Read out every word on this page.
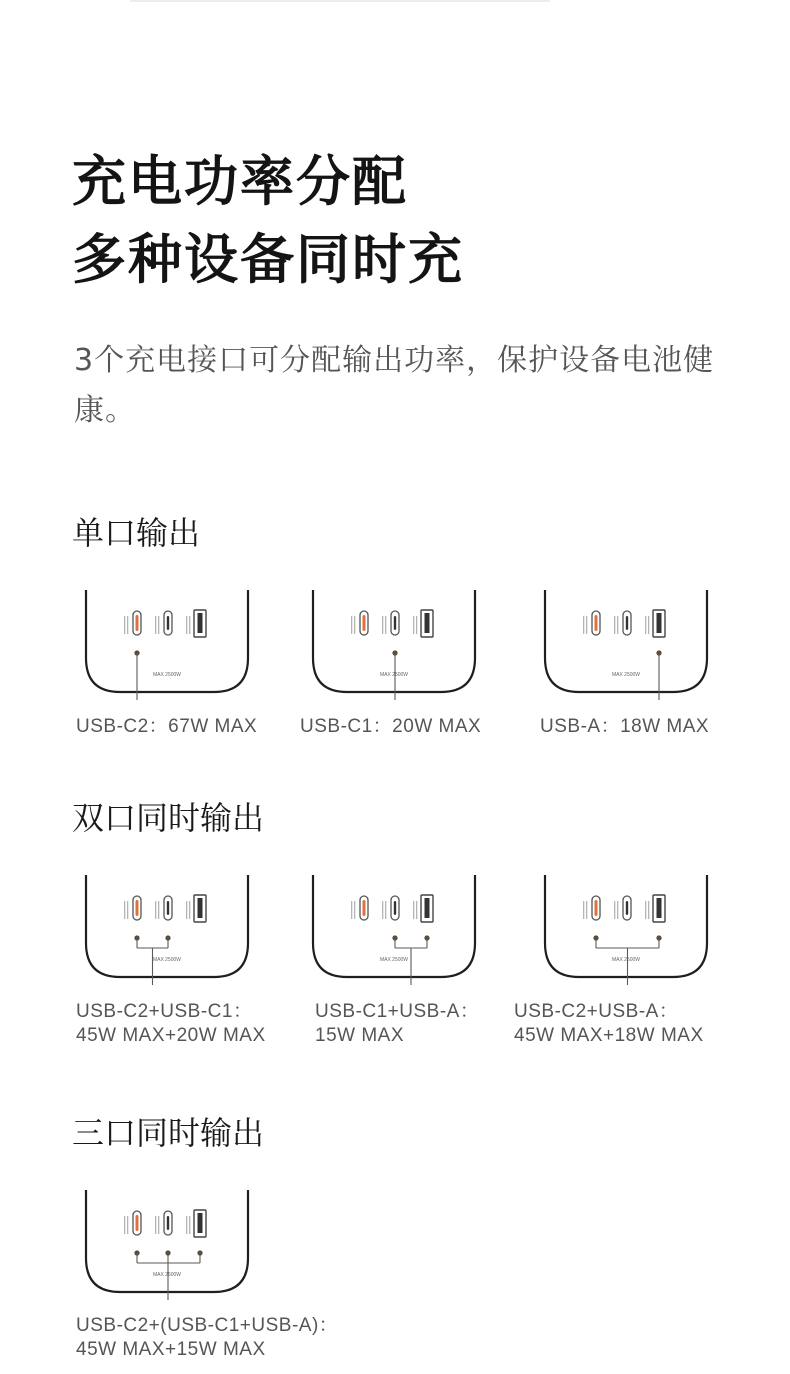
充电功率分配
多种设备同时充
3个充电接口可分配输出功率，保护设备电池健康。
单口输出
MAX 2500W
USB-C2：67W MAX
MAX 2500W
USB-C1：20W MAX
MAX 2500W
USB-A：18W MAX
双口同时输出
MAX 2500W
USB-C2+USB-C1：
45W MAX+20W MAX
MAX 2500W
USB-C1+USB-A：
15W MAX
MAX 2500W
USB-C2+USB-A：
45W MAX+18W MAX
三口同时输出
MAX 2500W
USB-C2+(USB-C1+USB-A)：
45W MAX+15W MAX
